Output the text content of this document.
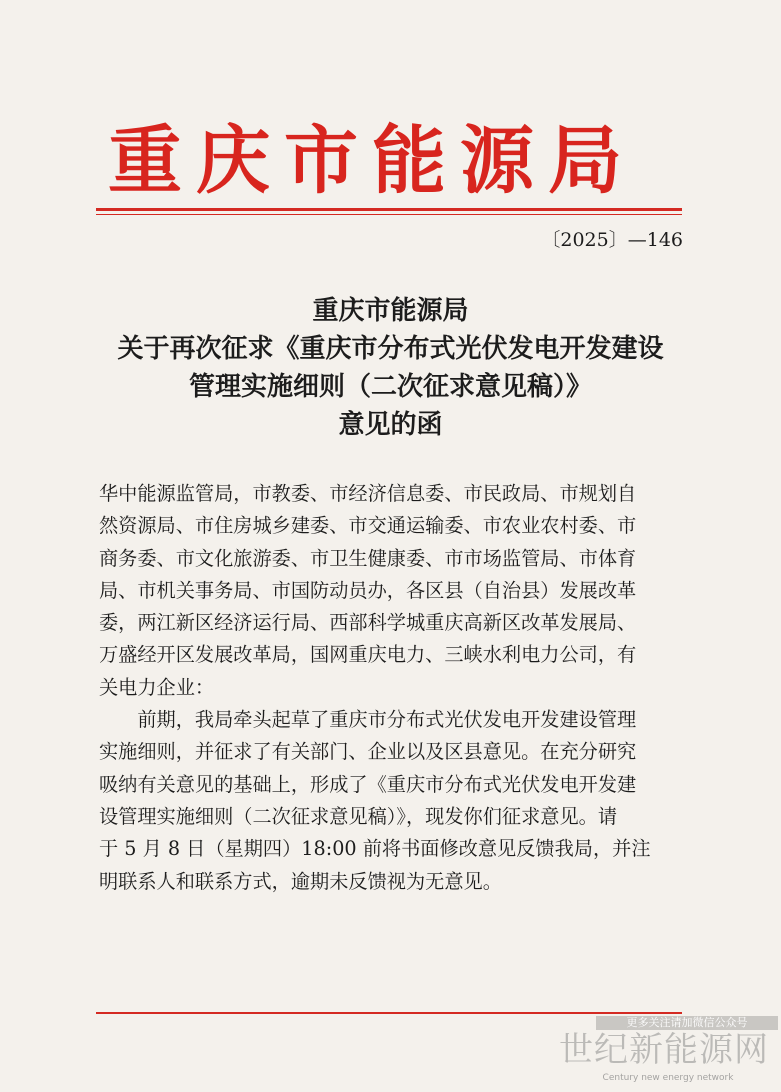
重庆市能源局
〔2025〕—146
重庆市能源局
关于再次征求《重庆市分布式光伏发电开发建设
管理实施细则（二次征求意见稿）》
意见的函
华中能源监管局，市教委、市经济信息委、市民政局、市规划自
然资源局、市住房城乡建委、市交通运输委、市农业农村委、市
商务委、市文化旅游委、市卫生健康委、市市场监管局、市体育
局、市机关事务局、市国防动员办，各区县（自治县）发展改革
委，两江新区经济运行局、西部科学城重庆高新区改革发展局、
万盛经开区发展改革局，国网重庆电力、三峡水利电力公司，有
关电力企业：
　　前期，我局牵头起草了重庆市分布式光伏发电开发建设管理
实施细则，并征求了有关部门、企业以及区县意见。在充分研究
吸纳有关意见的基础上，形成了《重庆市分布式光伏发电开发建
设管理实施细则（二次征求意见稿）》，现发你们征求意见。请
于 5 月 8 日（星期四）18:00 前将书面修改意见反馈我局，并注
明联系人和联系方式，逾期未反馈视为无意见。
更多关注请加微信公众号
世纪新能源网
Century new energy network
